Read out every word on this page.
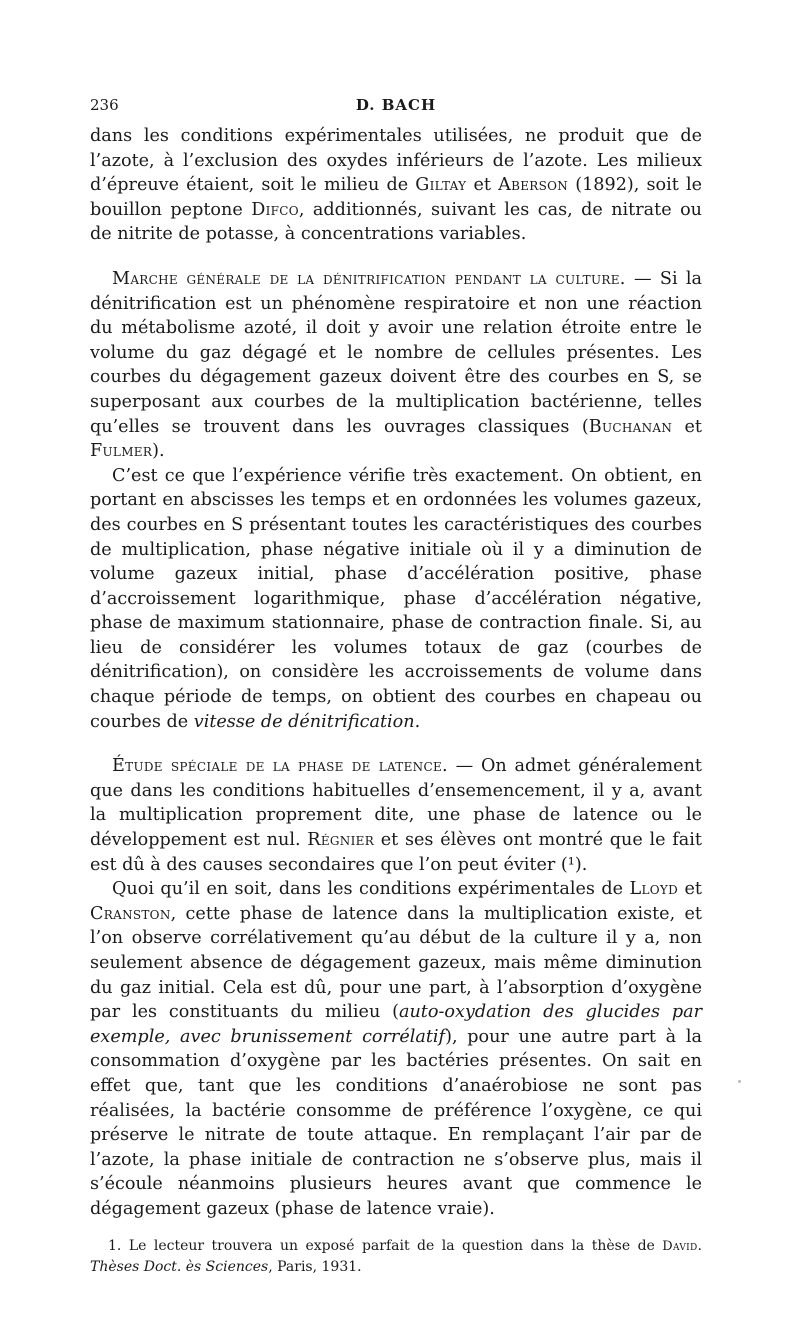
236	D. BACH

dans les conditions expérimentales utilisées, ne produit que de l’azote, à l’exclusion des oxydes inférieurs de l’azote. Les milieux d’épreuve étaient, soit le milieu de Giltay et Aberson (1892), soit le bouillon peptone Difco, additionnés, suivant les cas, de nitrate ou de nitrite de potasse, à concentrations variables.

Marche générale de la dénitrification pendant la culture. — Si la dénitrification est un phénomène respiratoire et non une réaction du métabolisme azoté, il doit y avoir une relation étroite entre le volume du gaz dégagé et le nombre de cellules présentes. Les courbes du dégagement gazeux doivent être des courbes en S, se superposant aux courbes de la multiplication bactérienne, telles qu’elles se trouvent dans les ouvrages classiques (Buchanan et Fulmer).

C’est ce que l’expérience vérifie très exactement. On obtient, en portant en abscisses les temps et en ordonnées les volumes gazeux, des courbes en S présentant toutes les caractéristiques des courbes de multiplication, phase négative initiale où il y a diminution de volume gazeux initial, phase d’accélération positive, phase d’accroissement logarithmique, phase d’accélération négative, phase de maximum stationnaire, phase de contraction finale. Si, au lieu de considérer les volumes totaux de gaz (courbes de dénitrification), on considère les accroissements de volume dans chaque période de temps, on obtient des courbes en chapeau ou courbes de vitesse de dénitrification.

Étude spéciale de la phase de latence. — On admet généralement que dans les conditions habituelles d’ensemencement, il y a, avant la multiplication proprement dite, une phase de latence ou le développement est nul. Régnier et ses élèves ont montré que le fait est dû à des causes secondaires que l’on peut éviter (¹).

Quoi qu’il en soit, dans les conditions expérimentales de Lloyd et Cranston, cette phase de latence dans la multiplication existe, et l’on observe corrélativement qu’au début de la culture il y a, non seulement absence de dégagement gazeux, mais même diminution du gaz initial. Cela est dû, pour une part, à l’absorption d’oxygène par les constituants du milieu (auto-oxydation des glucides par exemple, avec brunissement corrélatif), pour une autre part à la consommation d’oxygène par les bactéries présentes. On sait en effet que, tant que les conditions d’anaérobiose ne sont pas réalisées, la bactérie consomme de préférence l’oxygène, ce qui préserve le nitrate de toute attaque. En remplaçant l’air par de l’azote, la phase initiale de contraction ne s’observe plus, mais il s’écoule néanmoins plusieurs heures avant que commence le dégagement gazeux (phase de latence vraie).

1. Le lecteur trouvera un exposé parfait de la question dans la thèse de David. Thèses Doct. ès Sciences, Paris, 1931.
